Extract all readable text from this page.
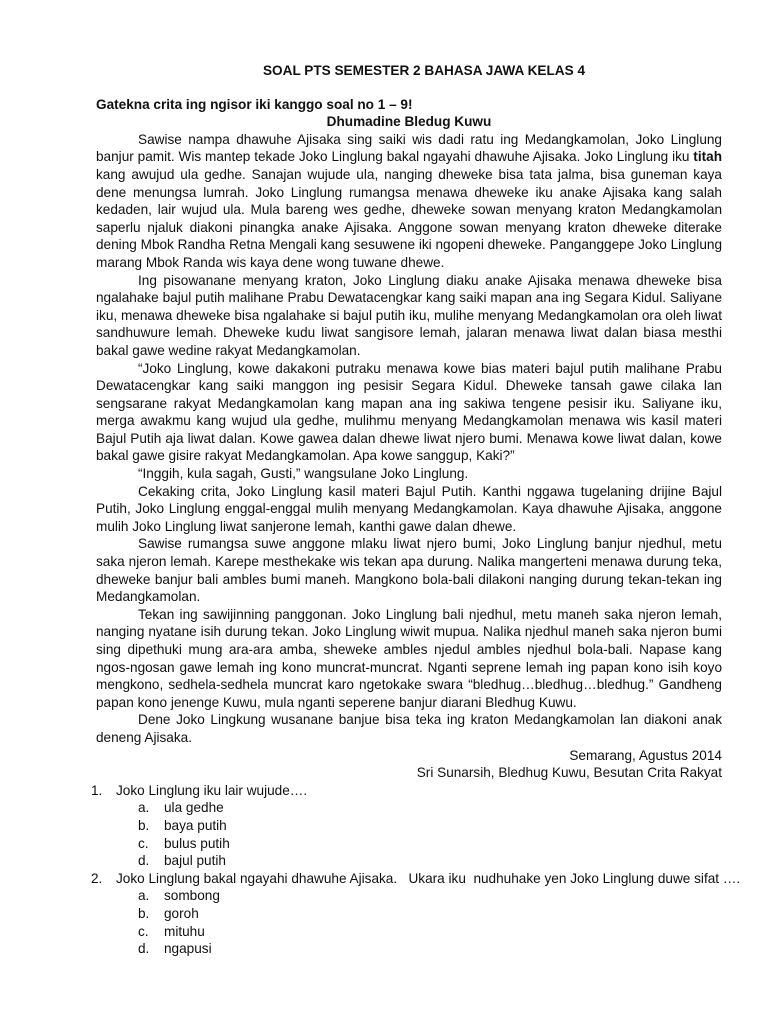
SOAL PTS SEMESTER 2 BAHASA JAWA KELAS 4
Gatekna crita ing ngisor iki kanggo soal no 1 – 9!
Dhumadine Bledug Kuwu

Sawise nampa dhawuhe Ajisaka sing saiki wis dadi ratu ing Medangkamolan, Joko Linglung banjur pamit. Wis mantep tekade Joko Linglung bakal ngayahi dhawuhe Ajisaka. Joko Linglung iku titah kang awujud ula gedhe. Sanajan wujude ula, nanging dheweke bisa tata jalma, bisa guneman kaya dene menungsa lumrah. Joko Linglung rumangsa menawa dheweke iku anake Ajisaka kang salah kedaden, lair wujud ula. Mula bareng wes gedhe, dheweke sowan menyang kraton Medangkamolan saperlu njaluk diakoni pinangka anake Ajisaka. Anggone sowan menyang kraton dheweke diterake dening Mbok Randha Retna Mengali kang sesuwene iki ngopeni dheweke. Panganggepe Joko Linglung marang Mbok Randa wis kaya dene wong tuwane dhewe.

Ing pisowanane menyang kraton, Joko Linglung diaku anake Ajisaka menawa dheweke bisa ngalahake bajul putih malihane Prabu Dewatacengkar kang saiki mapan ana ing Segara Kidul. Saliyane iku, menawa dheweke bisa ngalahake si bajul putih iku, mulihe menyang Medangkamolan ora oleh liwat sandhuwure lemah. Dheweke kudu liwat sangisore lemah, jalaran menawa liwat dalan biasa mesthi bakal gawe wedine rakyat Medangkamolan.

“Joko Linglung, kowe dakakoni putraku menawa kowe bias materi bajul putih malihane Prabu Dewatacengkar kang saiki manggon ing pesisir Segara Kidul. Dheweke tansah gawe cilaka lan sengsarane rakyat Medangkamolan kang mapan ana ing sakiwa tengene pesisir iku. Saliyane iku, merga awakmu kang wujud ula gedhe, mulihmu menyang Medangkamolan menawa wis kasil materi Bajul Putih aja liwat dalan. Kowe gawea dalan dhewe liwat njero bumi. Menawa kowe liwat dalan, kowe bakal gawe gisire rakyat Medangkamolan. Apa kowe sanggup, Kaki?”

“Inggih, kula sagah, Gusti,” wangsulane Joko Linglung.

Cekaking crita, Joko Linglung kasil materi Bajul Putih. Kanthi nggawa tugelaning drijine Bajul Putih, Joko Linglung enggal-enggal mulih menyang Medangkamolan. Kaya dhawuhe Ajisaka, anggone mulih Joko Linglung liwat sanjerone lemah, kanthi gawe dalan dhewe.

Sawise rumangsa suwe anggone mlaku liwat njero bumi, Joko Linglung banjur njedhul, metu saka njeron lemah. Karepe mesthekake wis tekan apa durung. Nalika mangerteni menawa durung teka, dheweke banjur bali ambles bumi maneh. Mangkono bola-bali dilakoni nanging durung tekan-tekan ing Medangkamolan.

Tekan ing sawijinning panggonan. Joko Linglung bali njedhul, metu maneh saka njeron lemah, nanging nyatane isih durung tekan. Joko Linglung wiwit mupua. Nalika njedhul maneh saka njeron bumi sing dipethuki mung ara-ara amba, sheweke ambles njedul ambles njedhul bola-bali. Napase kang ngos-ngosan gawe lemah ing kono muncrat-muncrat. Nganti seprene lemah ing papan kono isih koyo mengkono, sedhela-sedhela muncrat karo ngetokake swara “bledhug…bledhug…bledhug.” Gandheng papan kono jenenge Kuwu, mula nganti seperene banjur diarani Bledhug Kuwu.

Dene Joko Lingkung wusanane banjue bisa teka ing kraton Medangkamolan lan diakoni anak deneng Ajisaka.

Semarang, Agustus 2014
Sri Sunarsih, Bledhug Kuwu, Besutan Crita Rakyat
1. Joko Linglung iku lair wujude….
a. ula gedhe
b. baya putih
c. bulus putih
d. bajul putih
2. Joko Linglung bakal ngayahi dhawuhe Ajisaka.   Ukara iku  nudhuhake yen Joko Linglung duwe sifat ….
a. sombong
b. goroh
c. mituhu
d. ngapusi
